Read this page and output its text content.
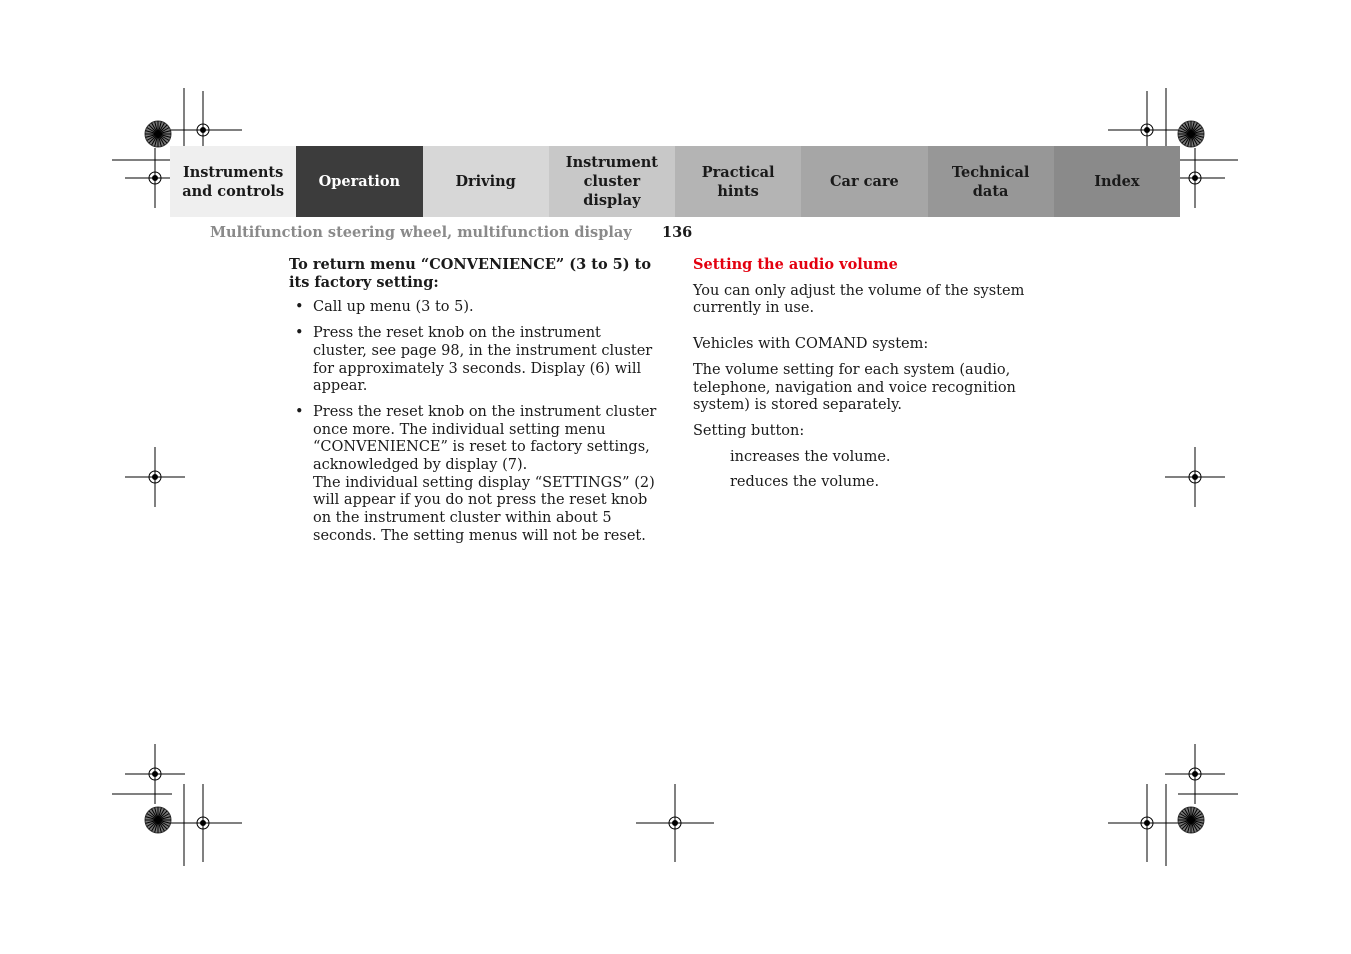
Instruments
and controls
Operation	Driving
Instrument
cluster display
Practical hints
Car care
Technical
data
Index
Multifunction steering wheel, multifunction display 136

To return menu “CONVENIENCE” (3 to 5) to its factory setting:

• Call up menu (3 to 5).
• Press the reset knob on the instrument cluster, see page 98, in the instrument cluster for approximately 3 seconds. Display (6) will appear.
• Press the reset knob on the instrument cluster once more. The individual setting menu “CONVENIENCE” is reset to factory settings, acknowledged by display (7).
The individual setting display “SETTINGS” (2) will appear if you do not press the reset knob on the instrument cluster within about 5 seconds. The setting menus will not be reset.

Setting the audio volume

You can only adjust the volume of the system currently in use.

Vehicles with COMAND system:

The volume setting for each system (audio, telephone, navigation and voice recognition system) is stored separately.

Setting button:

increases the volume.

reduces the volume.
